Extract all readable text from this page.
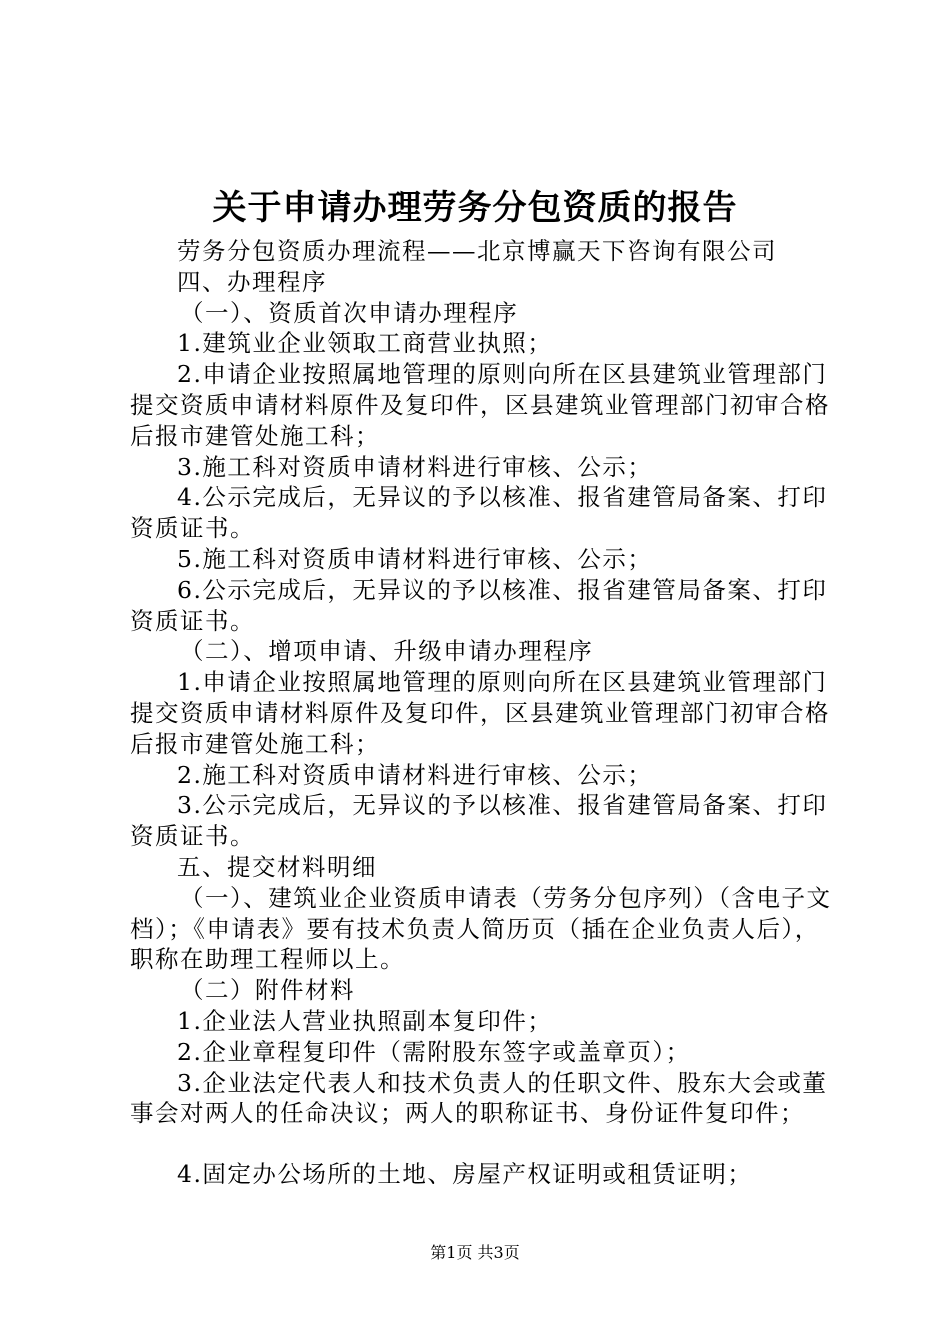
关于申请办理劳务分包资质的报告

劳务分包资质办理流程——北京博赢天下咨询有限公司

四、办理程序

（一）、资质首次申请办理程序

1.建筑业企业领取工商营业执照；

2.申请企业按照属地管理的原则向所在区县建筑业管理部门提交资质申请材料原件及复印件，区县建筑业管理部门初审合格后报市建管处施工科；

3.施工科对资质申请材料进行审核、公示；

4.公示完成后，无异议的予以核准、报省建管局备案、打印资质证书。

5.施工科对资质申请材料进行审核、公示；

6.公示完成后，无异议的予以核准、报省建管局备案、打印资质证书。

（二）、增项申请、升级申请办理程序

1.申请企业按照属地管理的原则向所在区县建筑业管理部门提交资质申请材料原件及复印件，区县建筑业管理部门初审合格后报市建管处施工科；

2.施工科对资质申请材料进行审核、公示；

3.公示完成后，无异议的予以核准、报省建管局备案、打印资质证书。

五、提交材料明细

（一）、建筑业企业资质申请表（劳务分包序列）（含电子文档）；《申请表》要有技术负责人简历页（插在企业负责人后），职称在助理工程师以上。

（二）附件材料

1.企业法人营业执照副本复印件；

2.企业章程复印件（需附股东签字或盖章页）；

3.企业法定代表人和技术负责人的任职文件、股东大会或董事会对两人的任命决议；两人的职称证书、身份证件复印件；

4.固定办公场所的土地、房屋产权证明或租赁证明；

第1页 共3页
